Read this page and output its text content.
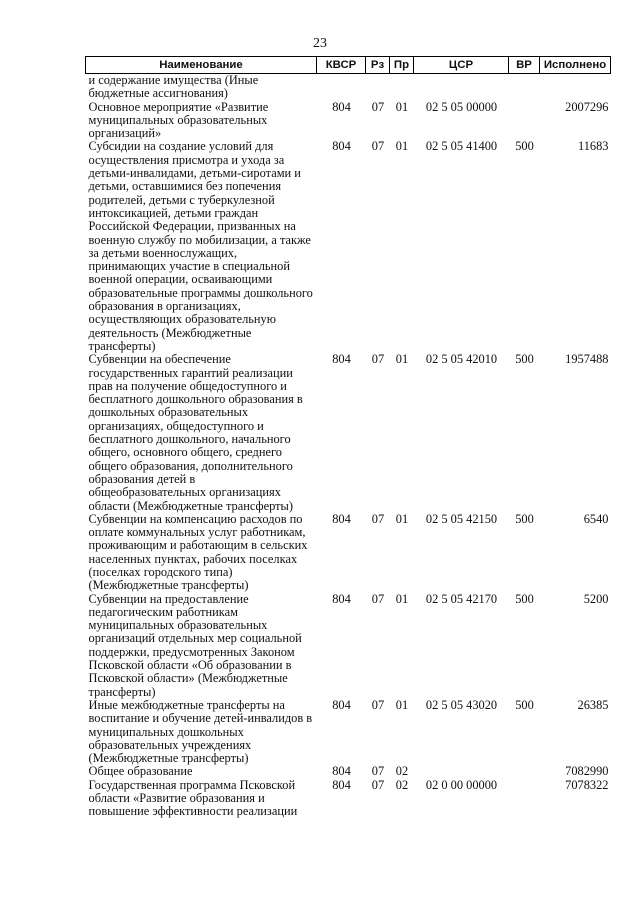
23
Наименование	КВСР	Рз	Пр	ЦСР	ВР	Исполнено
и содержание имущества (Иные бюджетные ассигнования)						
Основное мероприятие «Развитие муниципальных образовательных организаций»	804	07	01	02 5 05 00000		2007296
Субсидии на создание условий для осуществления присмотра и ухода за детьми-инвалидами, детьми-сиротами и детьми, оставшимися без попечения родителей, детьми с туберкулезной интоксикацией, детьми граждан Российской Федерации, призванных на военную службу по мобилизации, а также за детьми военнослужащих, принимающих участие в специальной военной операции, осваивающими образовательные программы дошкольного образования в организациях, осуществляющих образовательную деятельность (Межбюджетные трансферты)	804	07	01	02 5 05 41400	500	11683
Субвенции на обеспечение государственных гарантий реализации прав на получение общедоступного и бесплатного дошкольного образования в дошкольных образовательных организациях, общедоступного и бесплатного дошкольного, начального общего, основного общего, среднего общего образования, дополнительного образования детей в общеобразовательных организациях области (Межбюджетные трансферты)	804	07	01	02 5 05 42010	500	1957488
Субвенции на компенсацию расходов по оплате коммунальных услуг работникам, проживающим и работающим в сельских населенных пунктах, рабочих поселках (поселках городского типа) (Межбюджетные трансферты)	804	07	01	02 5 05 42150	500	6540
Субвенции на предоставление педагогическим работникам муниципальных образовательных организаций отдельных мер социальной поддержки, предусмотренных Законом Псковской области «Об образовании в Псковской области» (Межбюджетные трансферты)	804	07	01	02 5 05 42170	500	5200
Иные межбюджетные трансферты на воспитание и обучение детей-инвалидов в муниципальных дошкольных образовательных учреждениях (Межбюджетные трансферты)	804	07	01	02 5 05 43020	500	26385
Общее образование	804	07	02			7082990
Государственная программа Псковской области «Развитие образования и повышение эффективности реализации	804	07	02	02 0 00 00000		7078322
